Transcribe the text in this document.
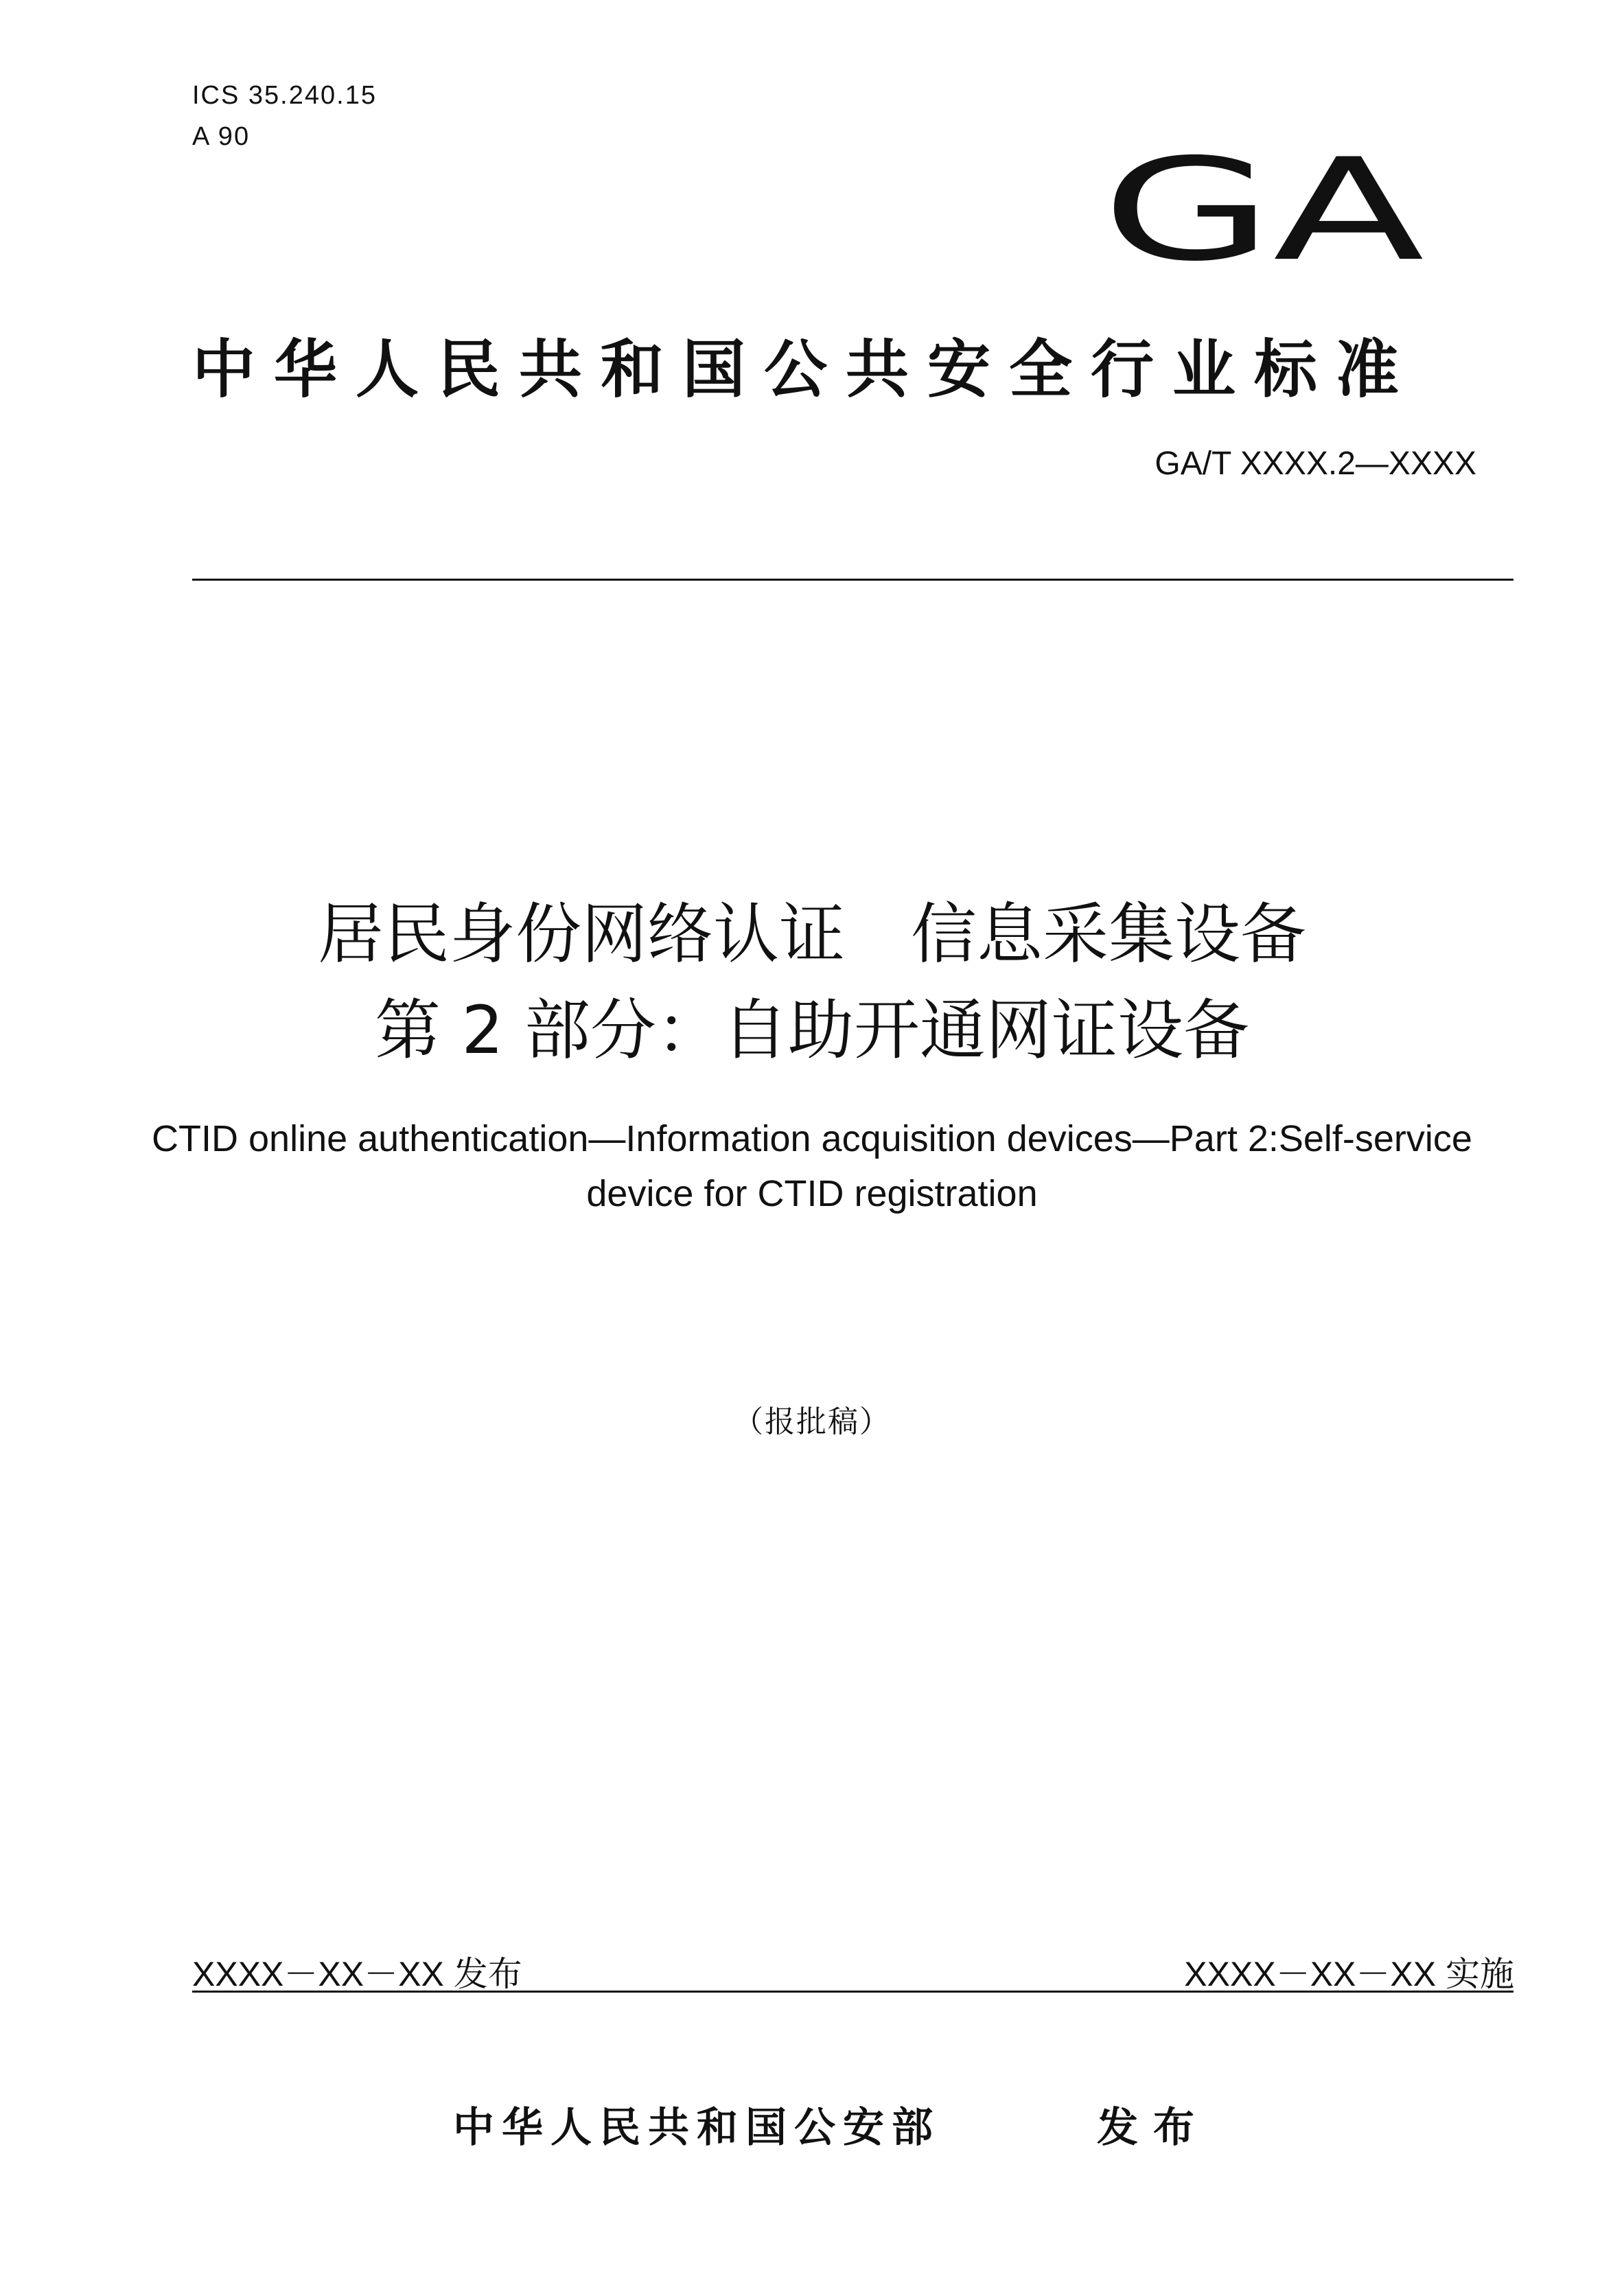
ICS 35.240.15
A 90	GA
中华人民共和国公共安全行业标准
GA/T XXXX.2—XXXX
居民身份网络认证　信息采集设备
第 2 部分：自助开通网证设备
CTID online authentication—Information acquisition devices—Part 2:Self-service
device for CTID registration
（报批稿）
XXXX－XX－XX 发布	XXXX－XX－XX 实施
中华人民共和国公安部	发布
